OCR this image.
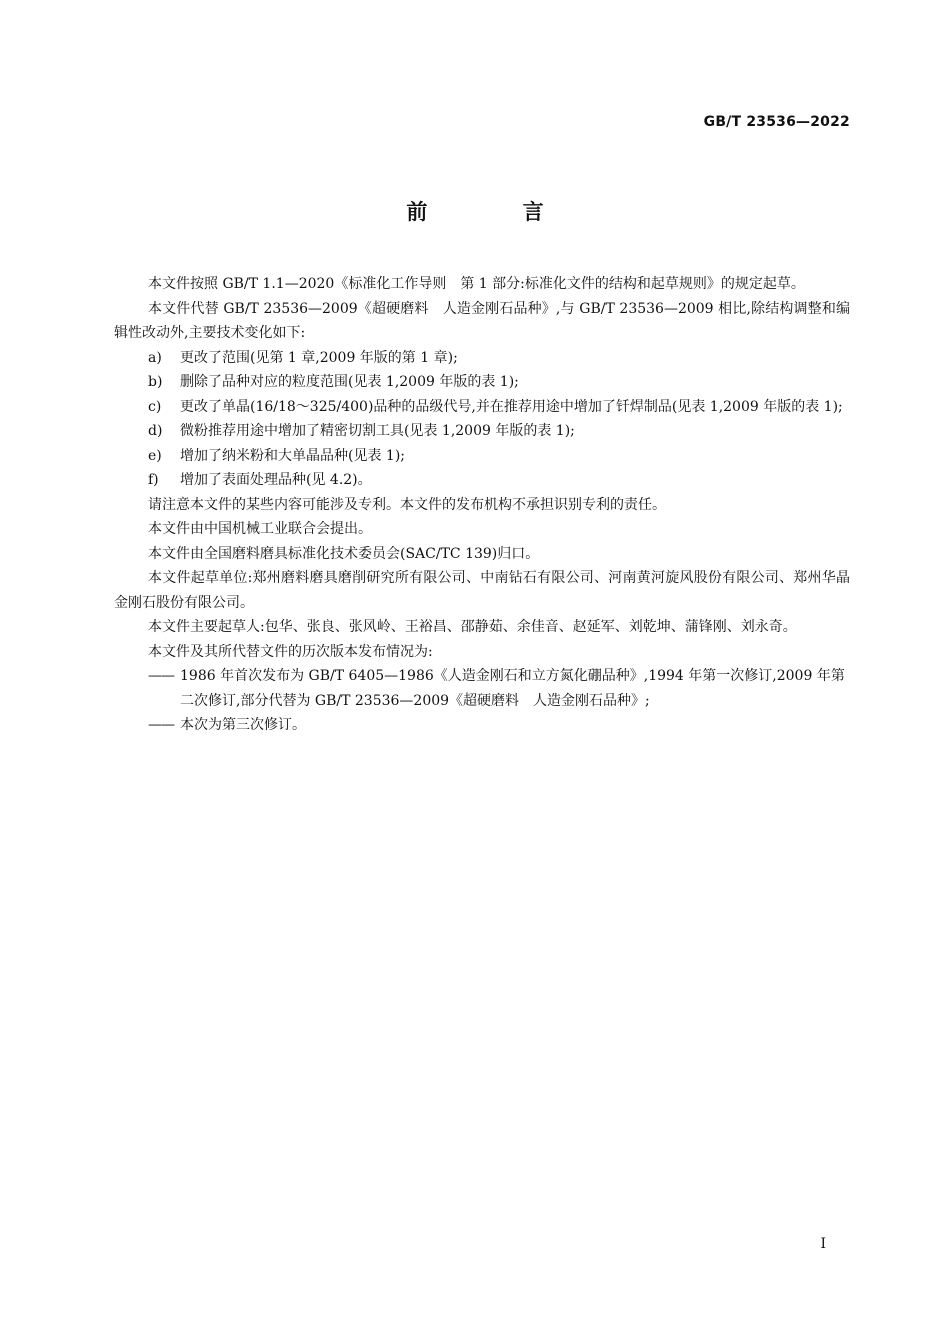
GB/T 23536—2022
前 言

本文件按照 GB/T 1.1—2020《标准化工作导则　第 1 部分:标准化文件的结构和起草规则》的规定起草。

本文件代替 GB/T 23536—2009《超硬磨料　人造金刚石品种》,与 GB/T 23536—2009 相比,除结构调整和编辑性改动外,主要技术变化如下:

a) 更改了范围(见第 1 章,2009 年版的第 1 章);

b) 删除了品种对应的粒度范围(见表 1,2009 年版的表 1);

c) 更改了单晶(16/18～325/400)品种的品级代号,并在推荐用途中增加了钎焊制品(见表 1,2009 年版的表 1);

d) 微粉推荐用途中增加了精密切割工具(见表 1,2009 年版的表 1);

e) 增加了纳米粉和大单晶品种(见表 1);

f) 增加了表面处理品种(见 4.2)。

请注意本文件的某些内容可能涉及专利。本文件的发布机构不承担识别专利的责任。

本文件由中国机械工业联合会提出。

本文件由全国磨料磨具标准化技术委员会(SAC/TC 139)归口。

本文件起草单位:郑州磨料磨具磨削研究所有限公司、中南钻石有限公司、河南黄河旋风股份有限公司、郑州华晶金刚石股份有限公司。

本文件主要起草人:包华、张良、张风岭、王裕昌、邵静茹、余佳音、赵延军、刘乾坤、蒲锋刚、刘永奇。

本文件及其所代替文件的历次版本发布情况为:

—— 1986 年首次发布为 GB/T 6405—1986《人造金刚石和立方氮化硼品种》,1994 年第一次修订,2009 年第二次修订,部分代替为 GB/T 23536—2009《超硬磨料　人造金刚石品种》;

—— 本次为第三次修订。

I
